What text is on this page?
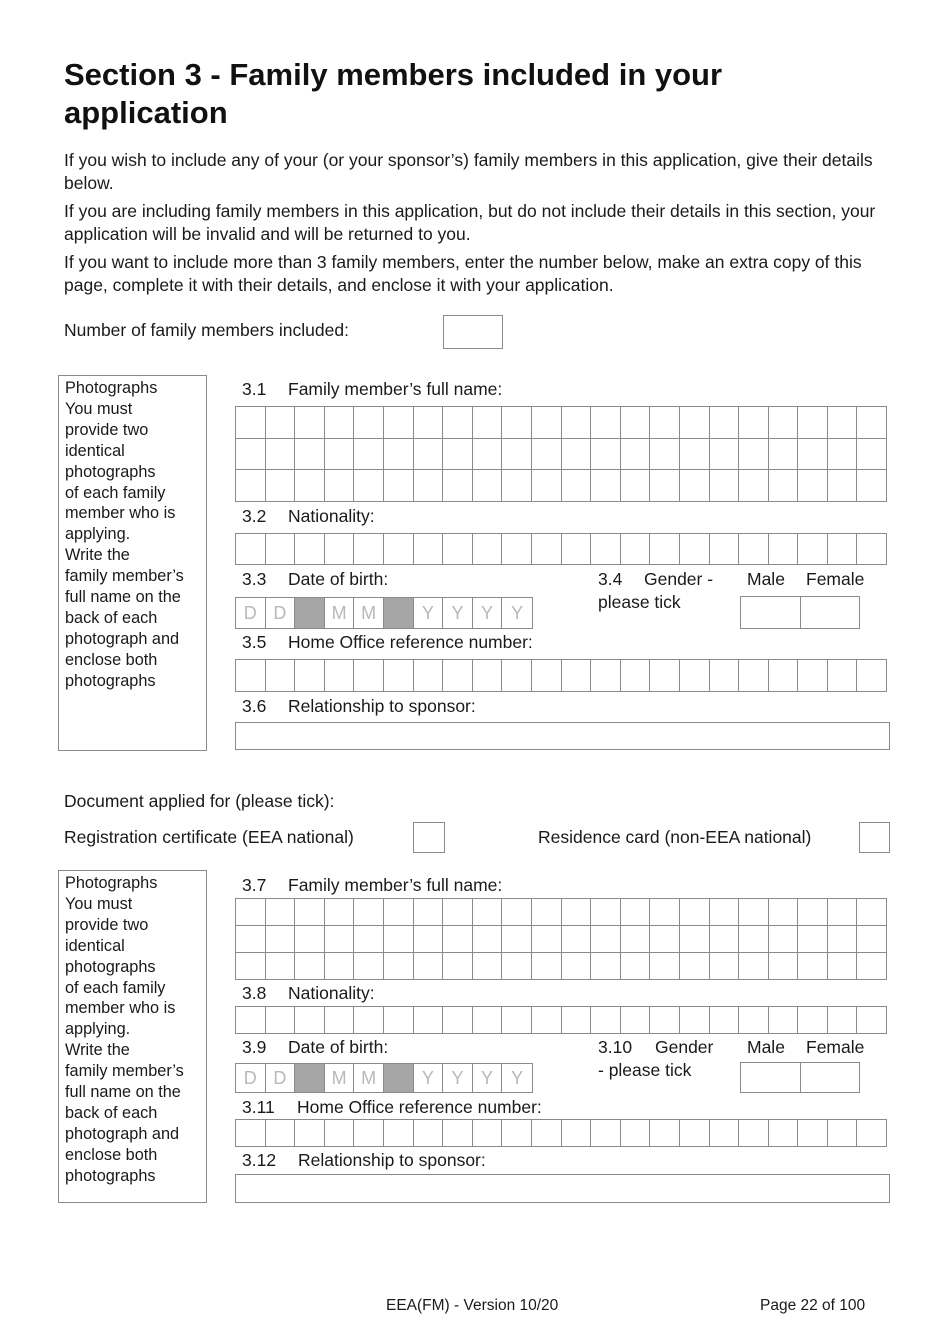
Section 3 - Family members included in your application

If you wish to include any of your (or your sponsor’s) family members in this application, give their details below.

If you are including family members in this application, but do not include their details in this section, your application will be invalid and will be returned to you.

If you want to include more than 3 family members, enter the number below, make an extra copy of this page, complete it with their details, and enclose it with your application.

Number of family members included:
Photographs
You must
provide two
identical
photographs
of each family
member who is
applying.
Write the
family member’s
full name on the
back of each
photograph and
enclose both
photographs
3.1 Family member’s full name:
3.2 Nationality:
3.3 Date of birth:
D D	M M	Y Y Y	Y
3.4 Gender -
please tick
Male Female
3.5 Home Office reference number:
3.6 Relationship to sponsor:
Document applied for (please tick):
Registration certificate (EEA national)	Residence card (non-EEA national)
Photographs
You must
provide two
identical
photographs
of each family
member who is
applying.
Write the
family member’s
full name on the
back of each
photograph and
enclose both
photographs
3.7 Family member’s full name:
3.8 Nationality:
3.9 Date of birth:
D D	M M	Y Y Y	Y
3.10 Gender
- please tick
Male Female
3.11 Home Office reference number:
3.12 Relationship to sponsor:
EEA(FM) - Version 10/20	Page 22 of 100
